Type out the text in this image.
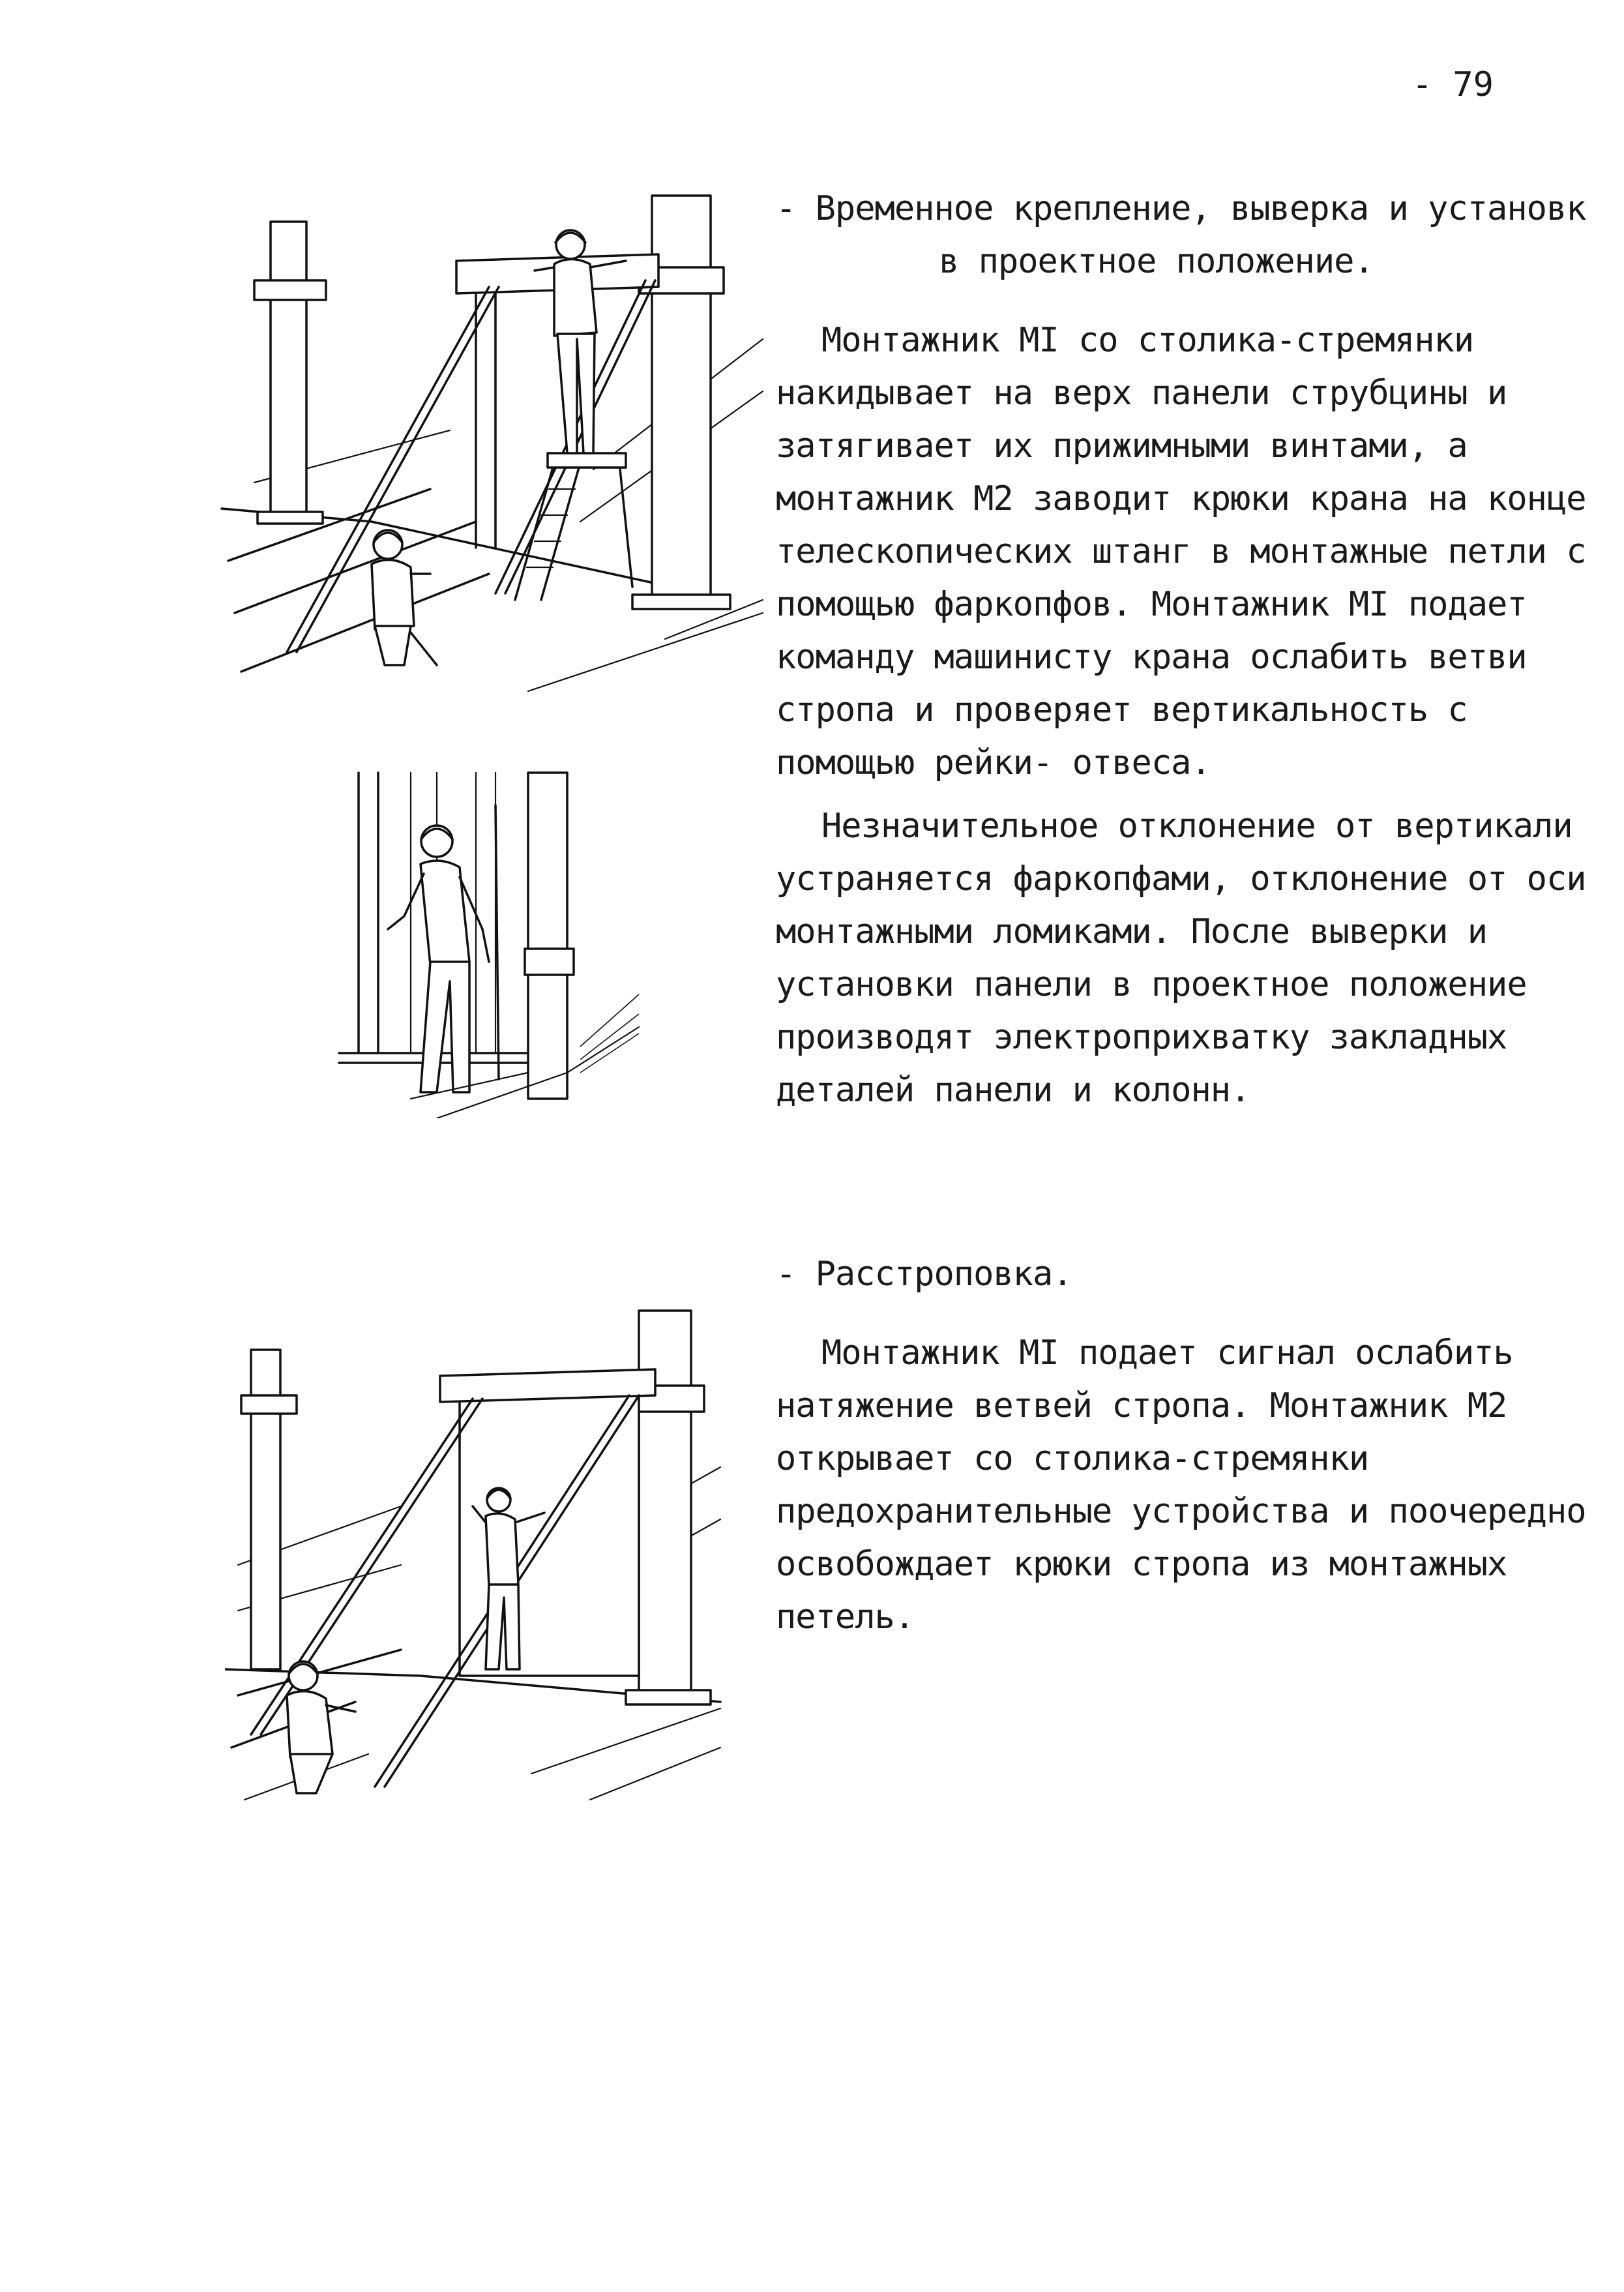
- 79

- Временное крепление, выверка и установк

в проектное положение.

Монтажник MI со столика-стремянки накидывает на верх панели струбцины и затягивает их прижимными винтами, а монтажник M2 заводит крюки крана на конце телескопических штанг в монтажные петли с помощью фаркопфов. Монтажник MI подает команду машинисту крана ослабить ветви стропа и проверяет вертикальность с помощью рейки- отвеса.

Незначительное отклонение от вертикали устраняется фаркопфами, отклонение от оси монтажными ломиками. После выверки и установки панели в проектное положение производят электроприхватку закладных деталей панели и колонн.

- Расстроповка.

Монтажник MI подает сигнал ослабить натяжение ветвей стропа. Монтажник M2 открывает со столика-стремянки предохранительные устройства и поочередно освобождает крюки стропа из монтажных петель.
